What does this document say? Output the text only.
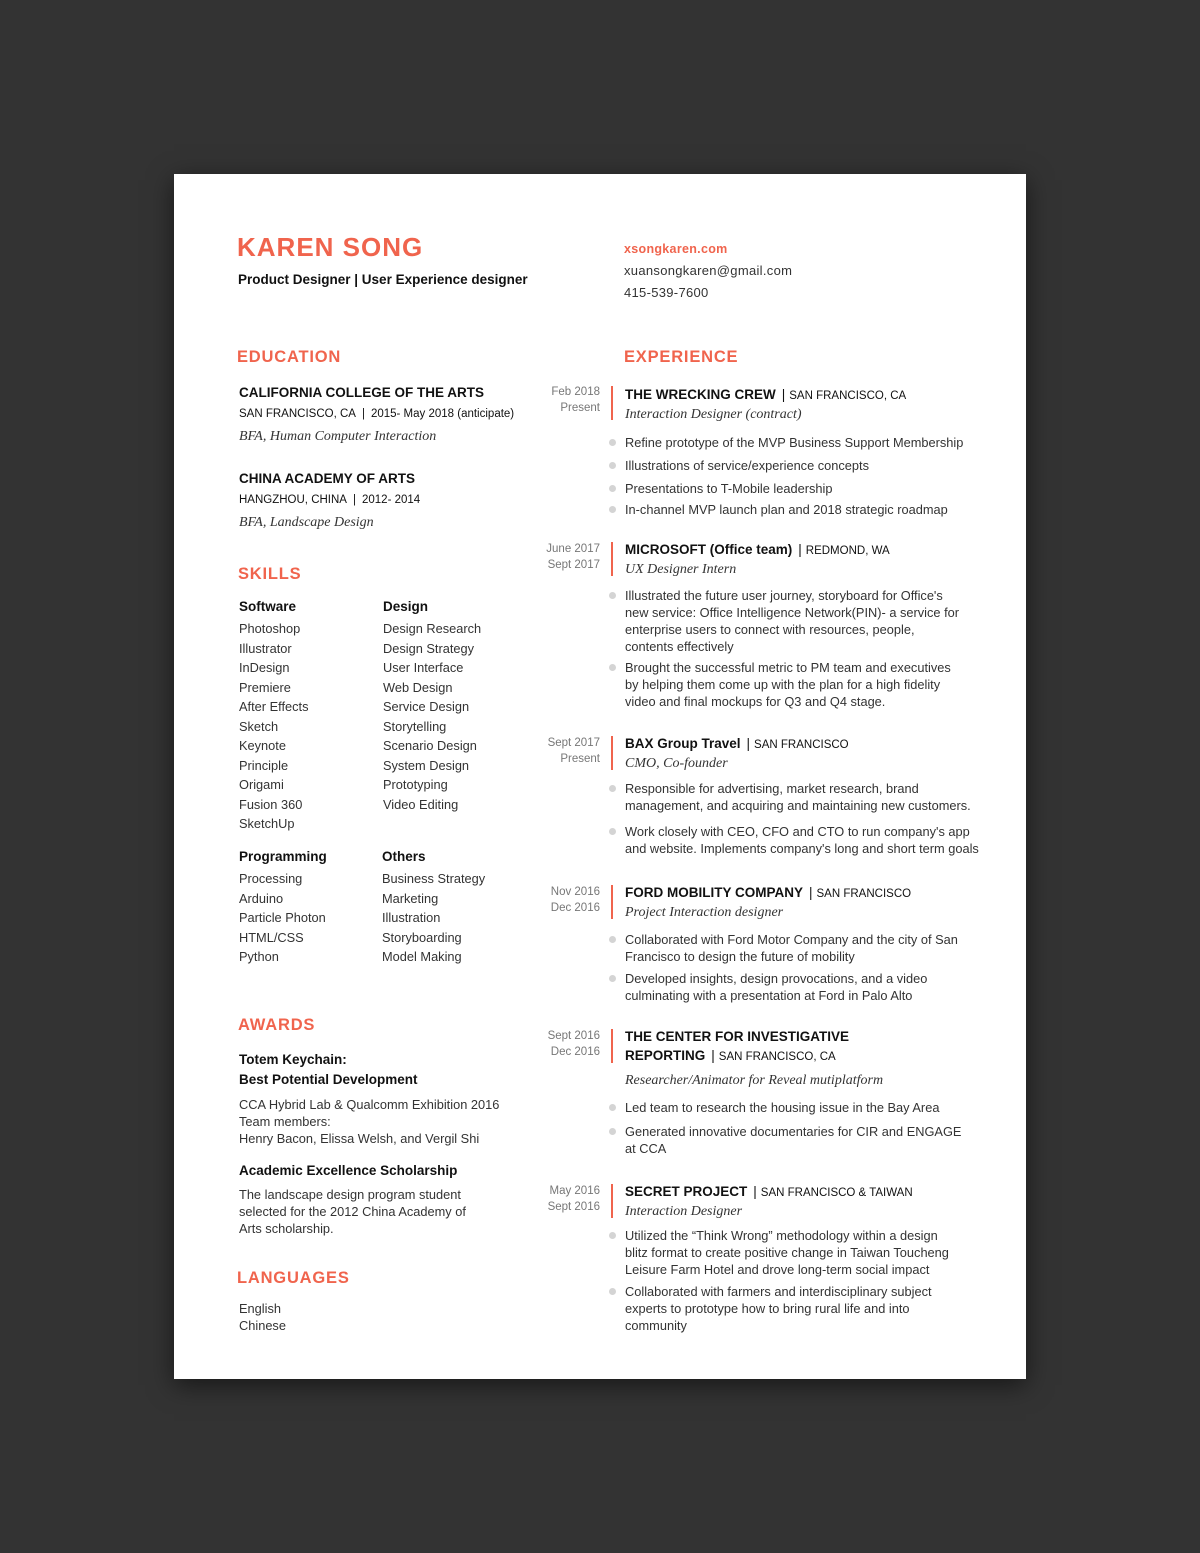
KAREN SONG
Product Designer | User Experience designer
xsongkaren.com
xuansongkaren@gmail.com
415-539-7600
EDUCATION
CALIFORNIA COLLEGE OF THE ARTS
SAN FRANCISCO, CA | 2015- May 2018 (anticipate)
BFA, Human Computer Interaction
CHINA ACADEMY OF ARTS
HANGZHOU, CHINA | 2012- 2014
BFA, Landscape Design
SKILLS
Software
Photoshop
Illustrator
InDesign
Premiere
After Effects
Sketch
Keynote
Principle
Origami
Fusion 360
SketchUp
Design
Design Research
Design Strategy
User Interface
Web Design
Service Design
Storytelling
Scenario Design
System Design
Prototyping
Video Editing
Programming
Processing
Arduino
Particle Photon
HTML/CSS
Python
Others
Business Strategy
Marketing
Illustration
Storyboarding
Model Making
AWARDS
Totem Keychain:
Best Potential Development
CCA Hybrid Lab & Qualcomm Exhibition 2016
Team members:
Henry Bacon, Elissa Welsh, and Vergil Shi
Academic Excellence Scholarship
The landscape design program student
selected for the 2012 China Academy of
Arts scholarship.
LANGUAGES
English
Chinese
EXPERIENCE
Feb 2018
Present
THE WRECKING CREW | SAN FRANCISCO, CA
Interaction Designer (contract)
Refine prototype of the MVP Business Support Membership
Illustrations of service/experience concepts
Presentations to T-Mobile leadership
In-channel MVP launch plan and 2018 strategic roadmap
June 2017
Sept 2017
MICROSOFT (Office team) | REDMOND, WA
UX Designer Intern
Illustrated the future user journey, storyboard for Office's
new service: Office Intelligence Network(PIN)- a service for
enterprise users to connect with resources, people,
contents effectively
Brought the successful metric to PM team and executives
by helping them come up with the plan for a high fidelity
video and final mockups for Q3 and Q4 stage.
Sept 2017
Present
BAX Group Travel | SAN FRANCISCO
CMO, Co-founder
Responsible for advertising, market research, brand
management, and acquiring and maintaining new customers.
Work closely with CEO, CFO and CTO to run company's app
and website. Implements company's long and short term goals
Nov 2016
Dec 2016
FORD MOBILITY COMPANY | SAN FRANCISCO
Project Interaction designer
Collaborated with Ford Motor Company and the city of San
Francisco to design the future of mobility
Developed insights, design provocations, and a video
culminating with a presentation at Ford in Palo Alto
Sept 2016
Dec 2016
THE CENTER FOR INVESTIGATIVE
REPORTING | SAN FRANCISCO, CA
Researcher/Animator for Reveal mutiplatform
Led team to research the housing issue in the Bay Area
Generated innovative documentaries for CIR and ENGAGE
at CCA
May 2016
Sept 2016
SECRET PROJECT | SAN FRANCISCO & TAIWAN
Interaction Designer
Utilized the “Think Wrong” methodology within a design
blitz format to create positive change in Taiwan Toucheng
Leisure Farm Hotel and drove long-term social impact
Collaborated with farmers and interdisciplinary subject
experts to prototype how to bring rural life and into
community
